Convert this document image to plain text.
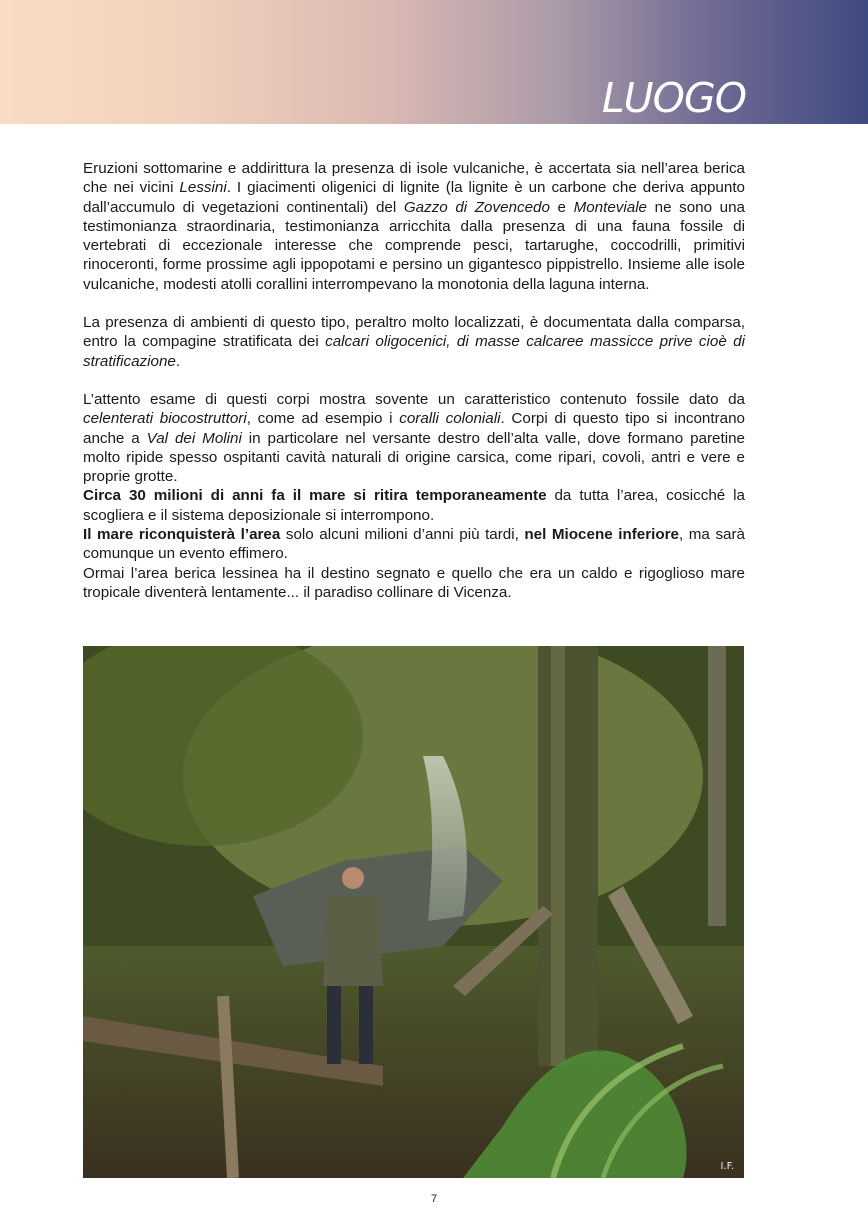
LUOGO

Eruzioni sottomarine e addirittura la presenza di isole vulcaniche, è accertata sia nell’area berica che nei vicini Lessini. I giacimenti oligenici di lignite (la lignite è un carbone che deriva appunto dall’accumulo di vegetazioni continentali) del Gazzo di Zovencedo e Monteviale ne sono una testimonianza straordinaria, testimonianza arricchita dalla presenza di una fauna fossile di vertebrati di eccezionale interesse che comprende pesci, tartarughe, coccodrilli, primitivi rinoceronti, forme prossime agli ippopotami e persino un gigantesco pippistrello. Insieme alle isole vulcaniche, modesti atolli corallini interrompevano la monotonia della laguna interna.

La presenza di ambienti di questo tipo, peraltro molto localizzati, è documentata dalla comparsa, entro la compagine stratificata dei calcari oligocenici, di masse calcaree massicce prive cioè di stratificazione.

L’attento esame di questi corpi mostra sovente un caratteristico contenuto fossile dato da celenterati biocostruttori, come ad esempio i coralli coloniali. Corpi di questo tipo si incontrano anche a Val dei Molini in particolare nel versante destro dell’alta valle, dove formano paretine molto ripide spesso ospitanti cavità naturali di origine carsica, come ripari, covoli, antri e vere e proprie grotte.

Circa 30 milioni di anni fa il mare si ritira temporaneamente da tutta l’area, cosicché la scogliera e il sistema deposizionale si interrompono.

Il mare riconquisterà l’area solo alcuni milioni d’anni più tardi, nel Miocene inferiore, ma sarà comunque un evento effimero.

Ormai l’area berica lessinea ha il destino segnato e quello che era un caldo e rigoglioso mare tropicale diventerà lentamente... il paradiso collinare di Vicenza.

I.F.
7
